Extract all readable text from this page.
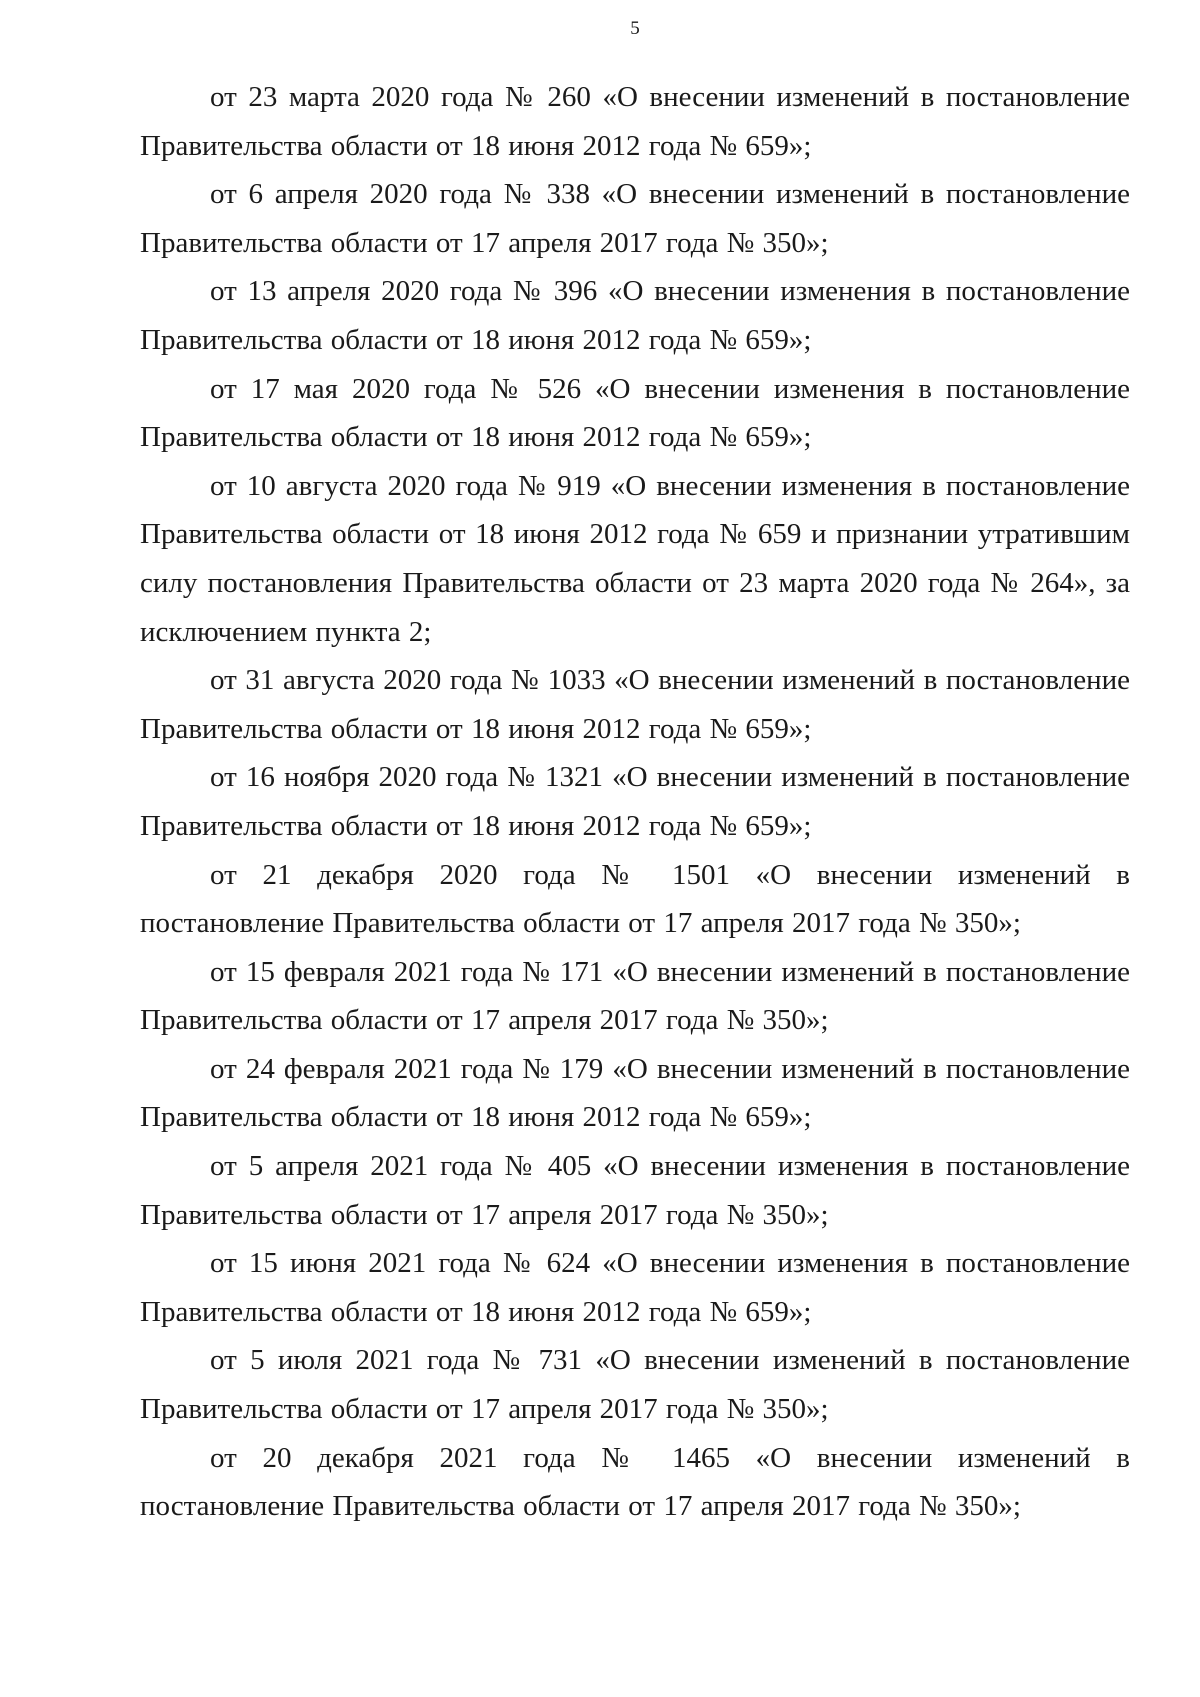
5

от 23 марта 2020 года № 260 «О внесении изменений в постановление Правительства области от 18 июня 2012 года № 659»;

от 6 апреля 2020 года № 338 «О внесении изменений в постановление Правительства области от 17 апреля 2017 года № 350»;

от 13 апреля 2020 года № 396 «О внесении изменения в постановление Правительства области от 18 июня 2012 года № 659»;

от 17 мая 2020 года № 526 «О внесении изменения в постановление Правительства области от 18 июня 2012 года № 659»;

от 10 августа 2020 года № 919 «О внесении изменения в постановление Правительства области от 18 июня 2012 года № 659 и признании утратившим силу постановления Правительства области от 23 марта 2020 года № 264», за исключением пункта 2;

от 31 августа 2020 года № 1033 «О внесении изменений в постановление Правительства области от 18 июня 2012 года № 659»;

от 16 ноября 2020 года № 1321 «О внесении изменений в постановление Правительства области от 18 июня 2012 года № 659»;

от 21 декабря 2020 года № 1501 «О внесении изменений в постановление Правительства области от 17 апреля 2017 года № 350»;

от 15 февраля 2021 года № 171 «О внесении изменений в постановление Правительства области от 17 апреля 2017 года № 350»;

от 24 февраля 2021 года № 179 «О внесении изменений в постановление Правительства области от 18 июня 2012 года № 659»;

от 5 апреля 2021 года № 405 «О внесении изменения в постановление Правительства области от 17 апреля 2017 года № 350»;

от 15 июня 2021 года № 624 «О внесении изменения в постановление Правительства области от 18 июня 2012 года № 659»;

от 5 июля 2021 года № 731 «О внесении изменений в постановление Правительства области от 17 апреля 2017 года № 350»;

от 20 декабря 2021 года № 1465 «О внесении изменений в постановление Правительства области от 17 апреля 2017 года № 350»;
